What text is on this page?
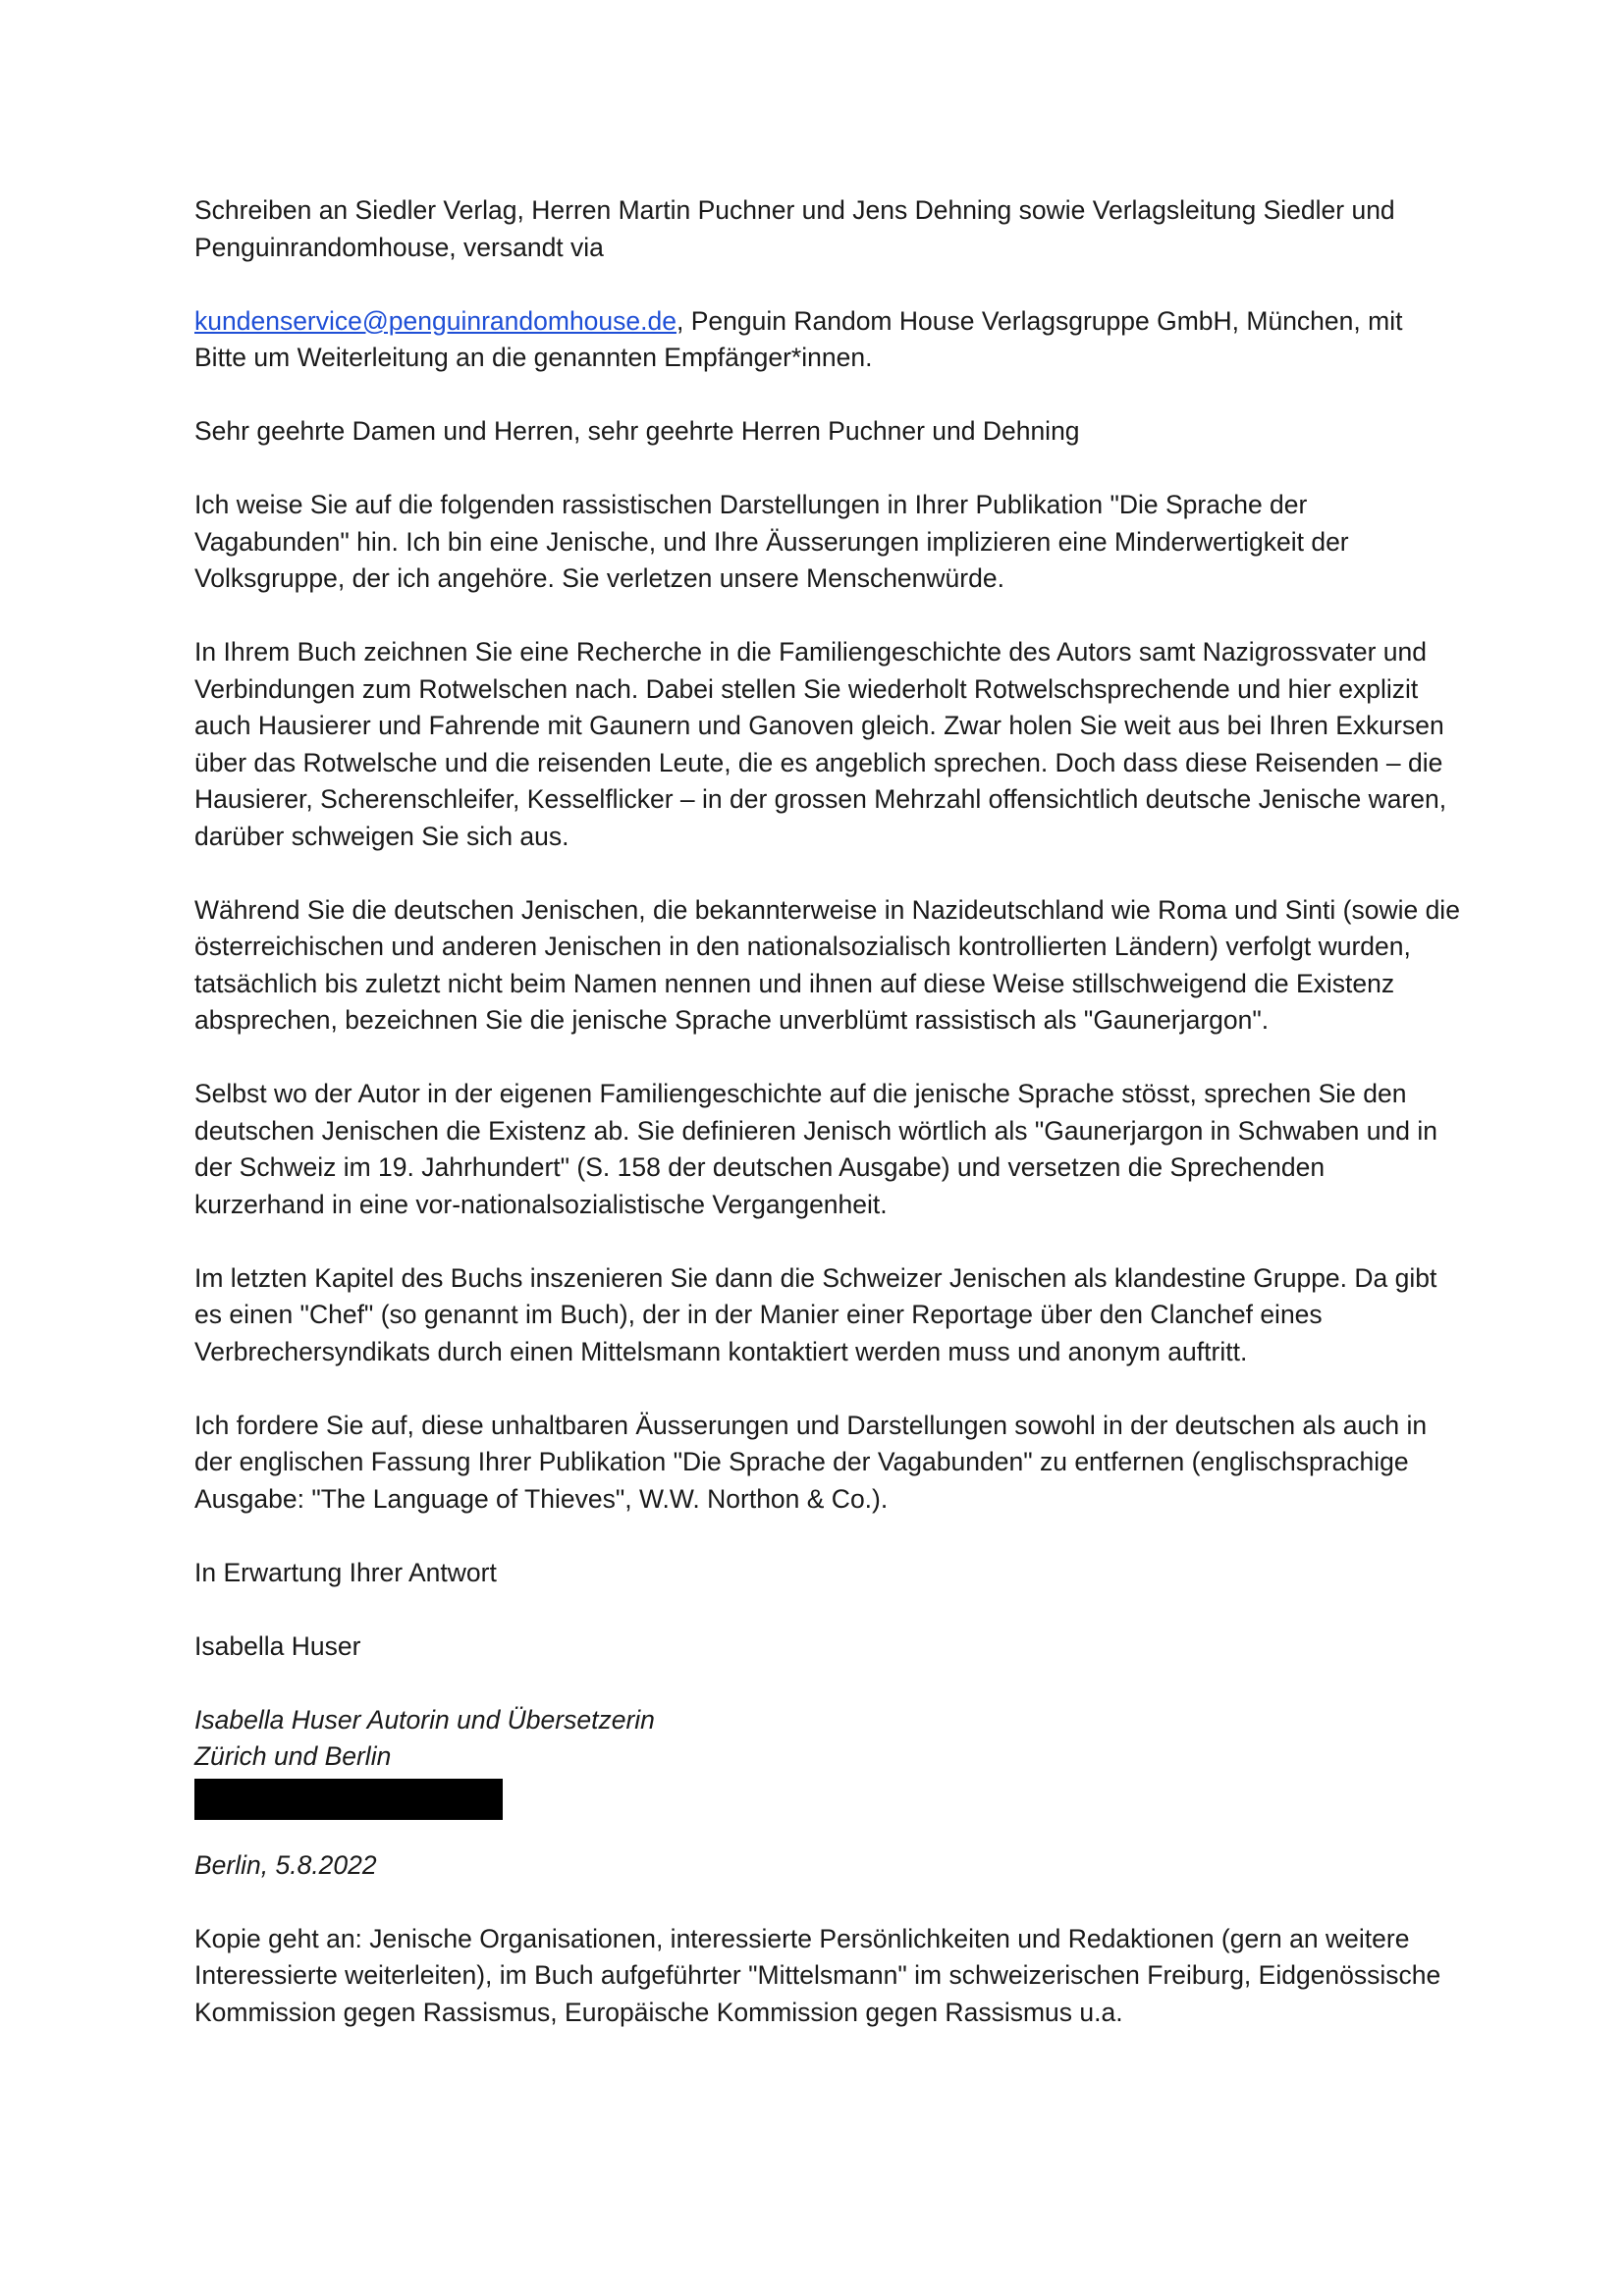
Schreiben an Siedler Verlag, Herren Martin Puchner und Jens Dehning sowie Verlagsleitung Siedler und Penguinrandomhouse, versandt via

kundenservice@penguinrandomhouse.de, Penguin Random House Verlagsgruppe GmbH, München, mit Bitte um Weiterleitung an die genannten Empfänger*innen.

Sehr geehrte Damen und Herren, sehr geehrte Herren Puchner und Dehning

Ich weise Sie auf die folgenden rassistischen Darstellungen in Ihrer Publikation "Die Sprache der Vagabunden" hin. Ich bin eine Jenische, und Ihre Äusserungen implizieren eine Minderwertigkeit der Volksgruppe, der ich angehöre. Sie verletzen unsere Menschenwürde.

In Ihrem Buch zeichnen Sie eine Recherche in die Familiengeschichte des Autors samt Nazigrossvater und Verbindungen zum Rotwelschen nach. Dabei stellen Sie wiederholt Rotwelschsprechende und hier explizit auch Hausierer und Fahrende mit Gaunern und Ganoven gleich. Zwar holen Sie weit aus bei Ihren Exkursen über das Rotwelsche und die reisenden Leute, die es angeblich sprechen. Doch dass diese Reisenden – die Hausierer, Scherenschleifer, Kesselflicker – in der grossen Mehrzahl offensichtlich deutsche Jenische waren, darüber schweigen Sie sich aus.

Während Sie die deutschen Jenischen, die bekannterweise in Nazideutschland wie Roma und Sinti (sowie die österreichischen und anderen Jenischen in den nationalsozialisch kontrollierten Ländern) verfolgt wurden, tatsächlich bis zuletzt nicht beim Namen nennen und ihnen auf diese Weise stillschweigend die Existenz absprechen, bezeichnen Sie die jenische Sprache unverblümt rassistisch als "Gaunerjargon".

Selbst wo der Autor in der eigenen Familiengeschichte auf die jenische Sprache stösst, sprechen Sie den deutschen Jenischen die Existenz ab. Sie definieren Jenisch wörtlich als "Gaunerjargon in Schwaben und in der Schweiz im 19. Jahrhundert" (S. 158 der deutschen Ausgabe) und versetzen die Sprechenden kurzerhand in eine vor-nationalsozialistische Vergangenheit.

Im letzten Kapitel des Buchs inszenieren Sie dann die Schweizer Jenischen als klandestine Gruppe. Da gibt es einen "Chef" (so genannt im Buch), der in der Manier einer Reportage über den Clanchef eines Verbrechersyndikats durch einen Mittelsmann kontaktiert werden muss und anonym auftritt.

Ich fordere Sie auf, diese unhaltbaren Äusserungen und Darstellungen sowohl in der deutschen als auch in der englischen Fassung Ihrer Publikation "Die Sprache der Vagabunden" zu entfernen (englischsprachige Ausgabe: "The Language of Thieves", W.W. Northon & Co.).

In Erwartung Ihrer Antwort

Isabella Huser

Isabella Huser Autorin und Übersetzerin

Zürich und Berlin

Berlin, 5.8.2022

Kopie geht an: Jenische Organisationen, interessierte Persönlichkeiten und Redaktionen (gern an weitere Interessierte weiterleiten), im Buch aufgeführter "Mittelsmann" im schweizerischen Freiburg, Eidgenössische Kommission gegen Rassismus, Europäische Kommission gegen Rassismus u.a.
